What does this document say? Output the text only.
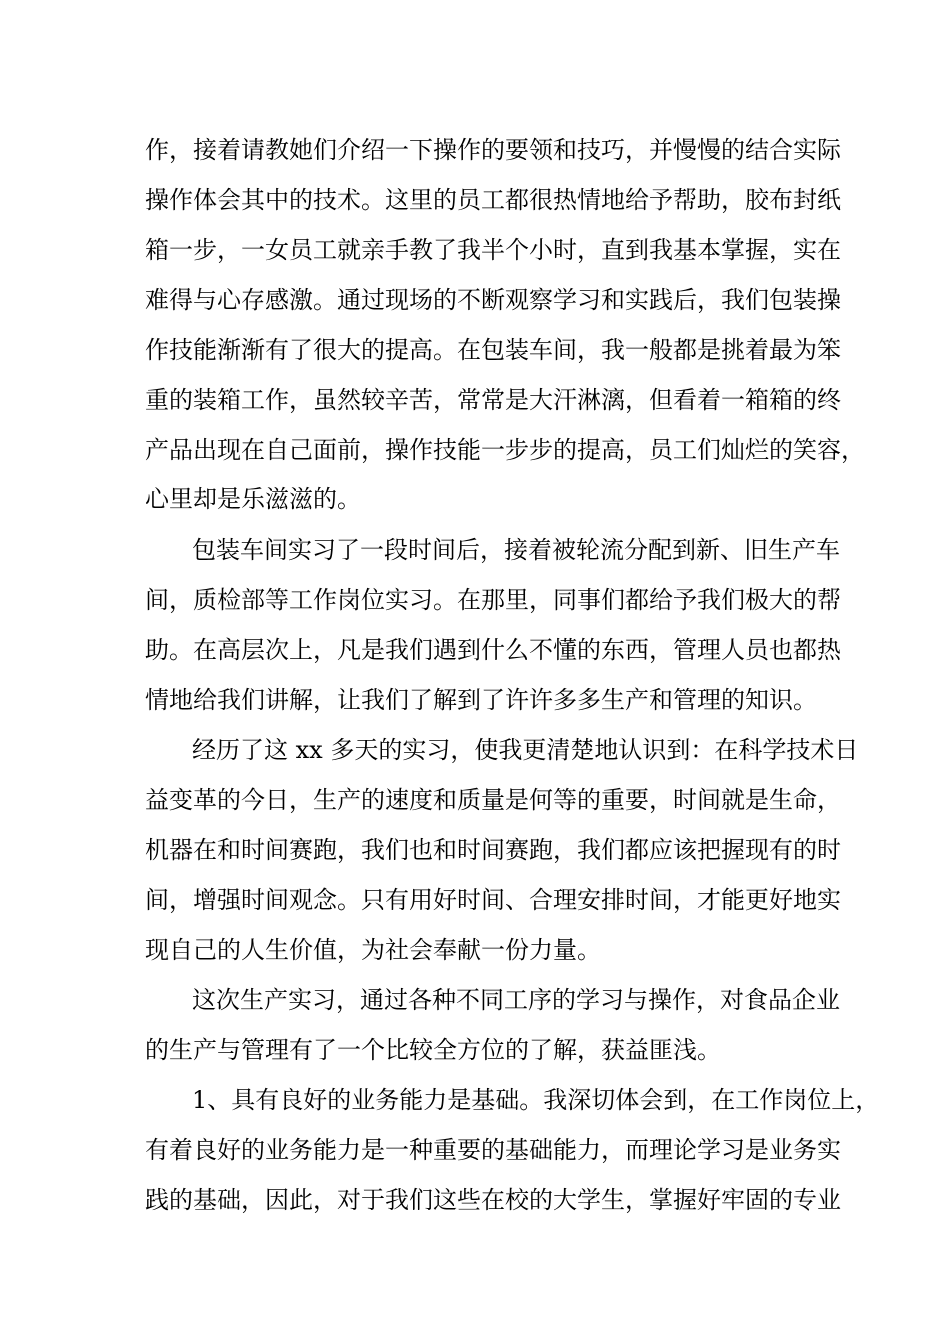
作，接着请教她们介绍一下操作的要领和技巧，并慢慢的结合实际
操作体会其中的技术。这里的员工都很热情地给予帮助，胶布封纸
箱一步，一女员工就亲手教了我半个小时，直到我基本掌握，实在
难得与心存感激。通过现场的不断观察学习和实践后，我们包装操
作技能渐渐有了很大的提高。在包装车间，我一般都是挑着最为笨
重的装箱工作，虽然较辛苦，常常是大汗淋漓，但看着一箱箱的终
产品出现在自己面前，操作技能一步步的提高，员工们灿烂的笑容，
心里却是乐滋滋的。
包装车间实习了一段时间后，接着被轮流分配到新、旧生产车
间，质检部等工作岗位实习。在那里，同事们都给予我们极大的帮
助。在高层次上，凡是我们遇到什么不懂的东西，管理人员也都热
情地给我们讲解，让我们了解到了许许多多生产和管理的知识。
经历了这 xx 多天的实习，使我更清楚地认识到：在科学技术日
益变革的今日，生产的速度和质量是何等的重要，时间就是生命，
机器在和时间赛跑，我们也和时间赛跑，我们都应该把握现有的时
间，增强时间观念。只有用好时间、合理安排时间，才能更好地实
现自己的人生价值，为社会奉献一份力量。
这次生产实习，通过各种不同工序的学习与操作，对食品企业
的生产与管理有了一个比较全方位的了解，获益匪浅。
1、具有良好的业务能力是基础。我深切体会到，在工作岗位上，
有着良好的业务能力是一种重要的基础能力，而理论学习是业务实
践的基础，因此，对于我们这些在校的大学生，掌握好牢固的专业
